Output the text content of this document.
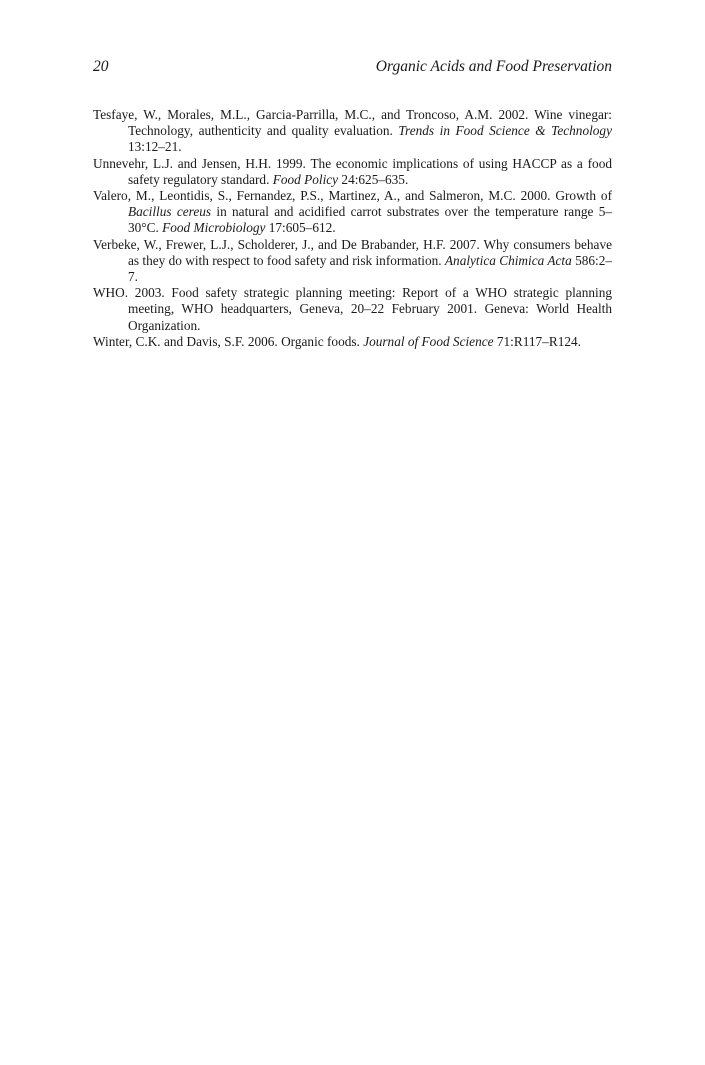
20	Organic Acids and Food Preservation

Tesfaye, W., Morales, M.L., Garcia-Parrilla, M.C., and Troncoso, A.M. 2002. Wine vinegar: Technology, authenticity and quality evaluation. Trends in Food Science & Technology 13:12–21.

Unnevehr, L.J. and Jensen, H.H. 1999. The economic implications of using HACCP as a food safety regulatory standard. Food Policy 24:625–635.

Valero, M., Leontidis, S., Fernandez, P.S., Martinez, A., and Salmeron, M.C. 2000. Growth of Bacillus cereus in natural and acidified carrot substrates over the temperature range 5–30°C. Food Microbiology 17:605–612.

Verbeke, W., Frewer, L.J., Scholderer, J., and De Brabander, H.F. 2007. Why consumers behave as they do with respect to food safety and risk information. Analytica Chimica Acta 586:2–7.

WHO. 2003. Food safety strategic planning meeting: Report of a WHO strategic planning meeting, WHO headquarters, Geneva, 20–22 February 2001. Geneva: World Health Organization.

Winter, C.K. and Davis, S.F. 2006. Organic foods. Journal of Food Science 71:R117–R124.
